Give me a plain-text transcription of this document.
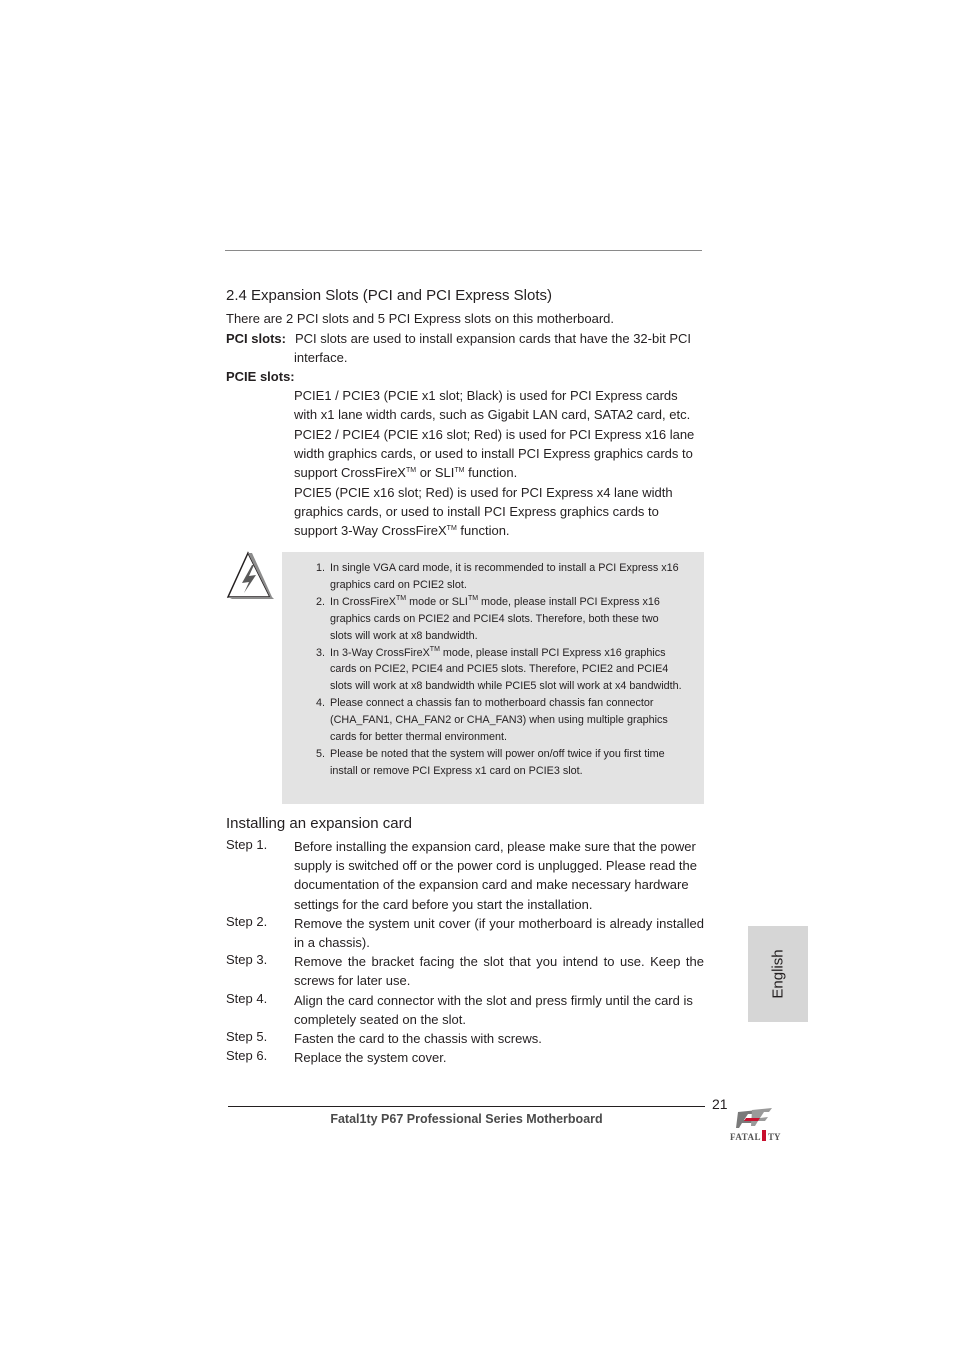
2.4 Expansion Slots (PCI and PCI Express Slots)
There are 2 PCI slots and 5 PCI Express slots on this motherboard.
PCI slots: PCI slots are used to install expansion cards that have the 32-bit PCI
interface.
PCIE slots:
PCIE1 / PCIE3 (PCIE x1 slot; Black) is used for PCI Express cards with x1 lane width cards, such as Gigabit LAN card, SATA2 card, etc.
PCIE2 / PCIE4 (PCIE x16 slot; Red) is used for PCI Express x16 lane width graphics cards, or used to install PCI Express graphics cards to support CrossFireX™ or SLI™ function.
PCIE5 (PCIE x16 slot; Red) is used for PCI Express x4 lane width graphics cards, or used to install PCI Express graphics cards to support 3-Way CrossFireX™ function.
1. In single VGA card mode, it is recommended to install a PCI Express x16 graphics card on PCIE2 slot.
2. In CrossFireX™ mode or SLI™ mode, please install PCI Express x16 graphics cards on PCIE2 and PCIE4 slots. Therefore, both these two slots will work at x8 bandwidth.
3. In 3-Way CrossFireX™ mode, please install PCI Express x16 graphics cards on PCIE2, PCIE4 and PCIE5 slots. Therefore, PCIE2 and PCIE4 slots will work at x8 bandwidth while PCIE5 slot will work at x4 bandwidth.
4. Please connect a chassis fan to motherboard chassis fan connector (CHA_FAN1, CHA_FAN2 or CHA_FAN3) when using multiple graphics cards for better thermal environment.
5. Please be noted that the system will power on/off twice if you first time install or remove PCI Express x1 card on PCIE3 slot.
Installing an expansion card
Step 1. Before installing the expansion card, please make sure that the power supply is switched off or the power cord is unplugged. Please read the documentation of the expansion card and make necessary hardware settings for the card before you start the installation.
Step 2. Remove the system unit cover (if your motherboard is already installed in a chassis).
Step 3. Remove the bracket facing the slot that you intend to use. Keep the screws for later use.
Step 4. Align the card connector with the slot and press firmly until the card is completely seated on the slot.
Step 5. Fasten the card to the chassis with screws.
Step 6. Replace the system cover.
English
21
Fatal1ty P67 Professional Series Motherboard
FATAL TY
